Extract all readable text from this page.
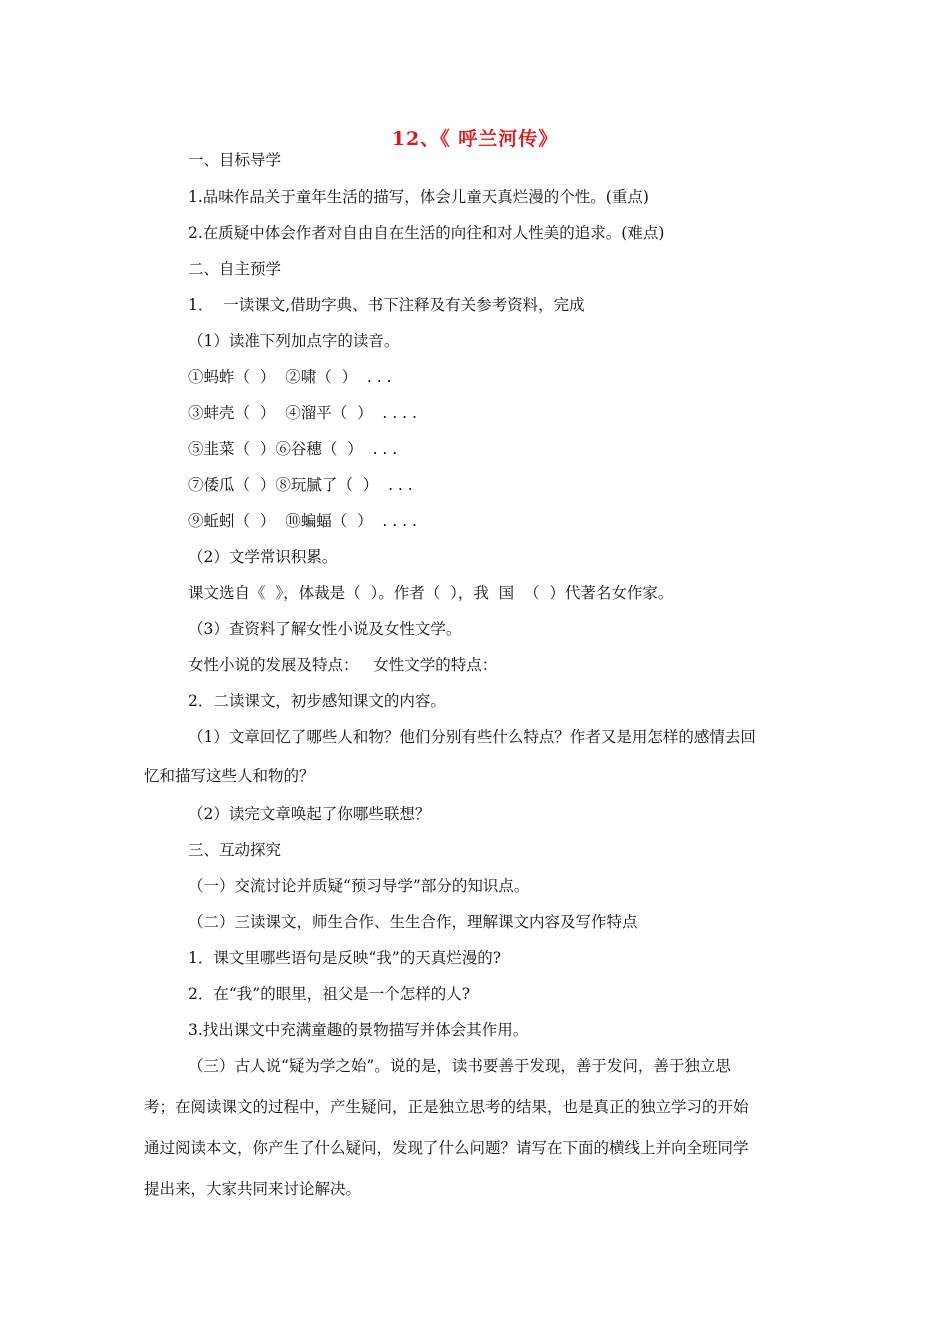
12、《 呼兰河传》
一、目标导学
1.品味作品关于童年生活的描写，体会儿童天真烂漫的个性。(重点)
2.在质疑中体会作者对自由自在生活的向往和对人性美的追求。(难点)
二、自主预学
1．  一读课文,借助字典、书下注释及有关参考资料，完成
（1）读准下列加点字的读音。
①蚂蚱（  ）  ②啸（  ）  . . .
③蚌壳（  ）  ④溜平（  ）  . . . .
⑤韭菜（  ）⑥谷穗（  ）  . . .
⑦倭瓜（  ）⑧玩腻了（  ）  . . .
⑨蚯蚓（  ）  ⑩蝙蝠（  ）  . . . .
（2）文学常识积累。
课文选自《  》，体裁是（  ）。作者（  ），我  国  （  ）代著名女作家。
（3）查资料了解女性小说及女性文学。
女性小说的发展及特点：   女性文学的特点：
2．二读课文，初步感知课文的内容。
（1）文章回忆了哪些人和物？他们分别有些什么特点？作者又是用怎样的感情去回
忆和描写这些人和物的？
（2）读完文章唤起了你哪些联想？
三、互动探究
（一）交流讨论并质疑“预习导学”部分的知识点。
（二）三读课文，师生合作、生生合作，理解课文内容及写作特点
1．课文里哪些语句是反映“我”的天真烂漫的?
2．在“我”的眼里，祖父是一个怎样的人?
3.找出课文中充满童趣的景物描写并体会其作用。
（三）古人说“疑为学之始”。说的是，读书要善于发现，善于发问，善于独立思
考；在阅读课文的过程中，产生疑问，正是独立思考的结果，也是真正的独立学习的开始
通过阅读本文，你产生了什么疑问，发现了什么问题？请写在下面的横线上并向全班同学
提出来，大家共同来讨论解决。
